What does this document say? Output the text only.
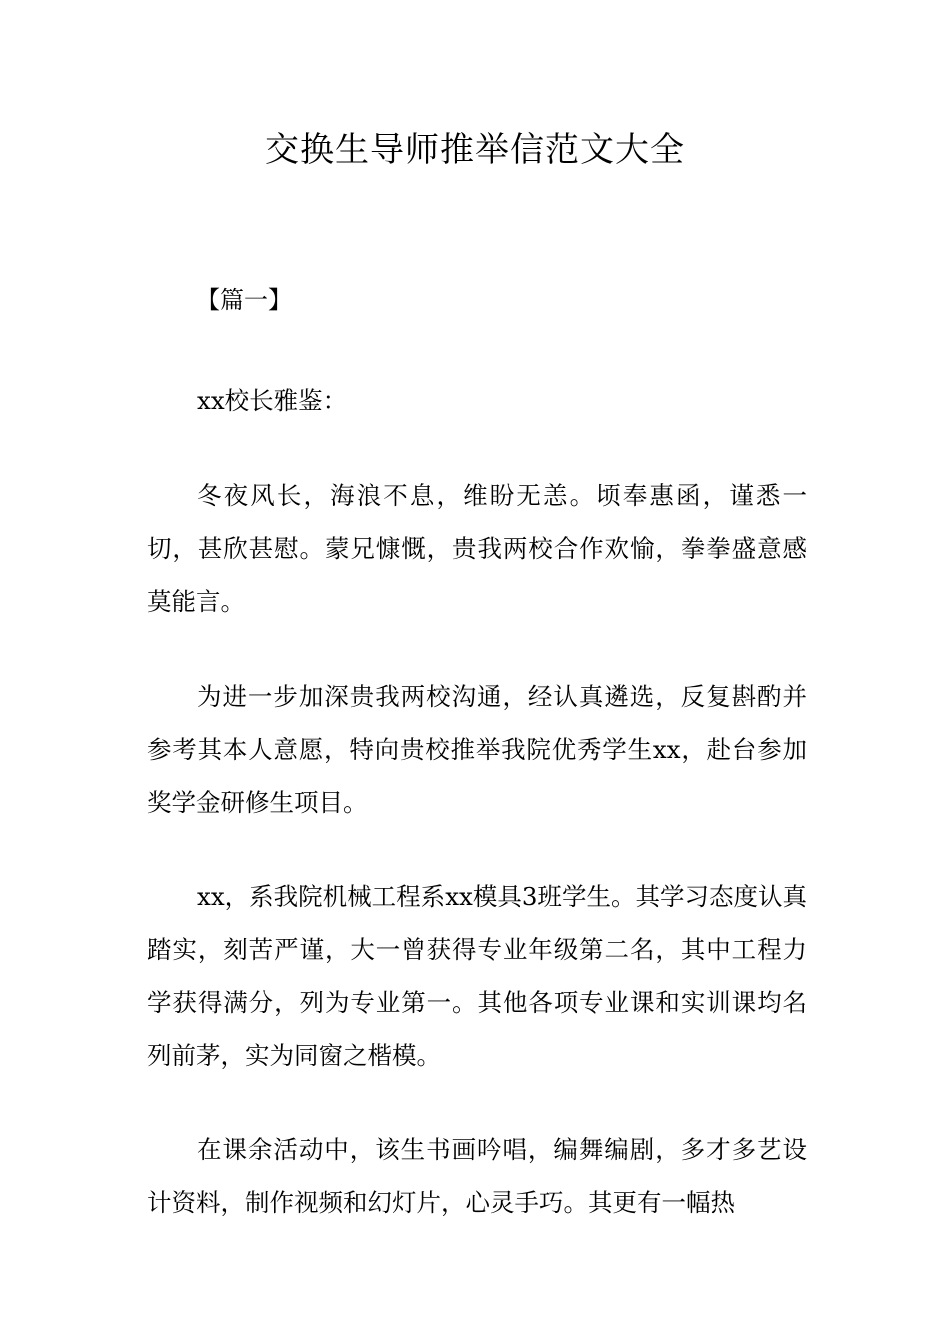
交换生导师推举信范文大全

【篇一】

xx校长雅鉴：

冬夜风长，海浪不息，维盼无恙。顷奉惠函，谨悉一切，甚欣甚慰。蒙兄慷慨，贵我两校合作欢愉，拳拳盛意感莫能言。

为进一步加深贵我两校沟通，经认真遴选，反复斟酌并参考其本人意愿，特向贵校推举我院优秀学生xx，赴台参加奖学金研修生项目。

xx，系我院机械工程系xx模具3班学生。其学习态度认真踏实，刻苦严谨，大一曾获得专业年级第二名，其中工程力学获得满分，列为专业第一。其他各项专业课和实训课均名列前茅，实为同窗之楷模。

在课余活动中，该生书画吟唱，编舞编剧，多才多艺设计资料，制作视频和幻灯片，心灵手巧。其更有一幅热
